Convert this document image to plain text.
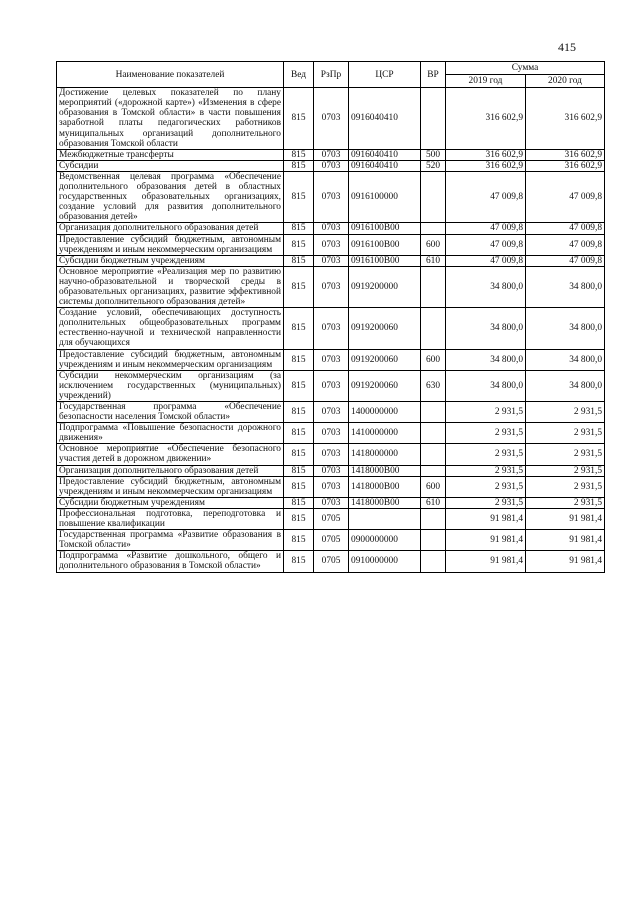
415
Наименование показателей	Вед	РзПр	ЦСР	ВР	Сумма	
					2019 год	2020 год
Достижение целевых показателей по плану мероприятий («дорожной карте») «Изменения в сфере образования в Томской области» в части повышения заработной платы педагогических работников муниципальных организаций дополнительного образования Томской области	815	0703	0916040410		316 602,9	316 602,9
Межбюджетные трансферты	815	0703	0916040410	500	316 602,9	316 602,9
Субсидии	815	0703	0916040410	520	316 602,9	316 602,9
Ведомственная целевая программа «Обеспечение дополнительного образования детей в областных государственных образовательных организациях, создание условий для развития дополнительного образования детей»	815	0703	0916100000		47 009,8	47 009,8
Организация дополнительного образования детей	815	0703	0916100В00		47 009,8	47 009,8
Предоставление субсидий бюджетным, автономным учреждениям и иным некоммерческим организациям	815	0703	0916100В00	600	47 009,8	47 009,8
Субсидии бюджетным учреждениям	815	0703	0916100В00	610	47 009,8	47 009,8
Основное мероприятие «Реализация мер по развитию научно-образовательной и творческой среды в образовательных организациях, развитие эффективной системы дополнительного образования детей»	815	0703	0919200000		34 800,0	34 800,0
Создание условий, обеспечивающих доступность дополнительных общеобразовательных программ естественно-научной и технической направленности для обучающихся	815	0703	0919200060		34 800,0	34 800,0
Предоставление субсидий бюджетным, автономным учреждениям и иным некоммерческим организациям	815	0703	0919200060	600	34 800,0	34 800,0
Субсидии некоммерческим организациям (за исключением государственных (муниципальных) учреждений)	815	0703	0919200060	630	34 800,0	34 800,0
Государственная программа «Обеспечение безопасности населения Томской области»	815	0703	1400000000		2 931,5	2 931,5
Подпрограмма «Повышение безопасности дорожного движения»	815	0703	1410000000		2 931,5	2 931,5
Основное мероприятие «Обеспечение безопасного участия детей в дорожном движении»	815	0703	1418000000		2 931,5	2 931,5
Организация дополнительного образования детей	815	0703	1418000В00		2 931,5	2 931,5
Предоставление субсидий бюджетным, автономным учреждениям и иным некоммерческим организациям	815	0703	1418000В00	600	2 931,5	2 931,5
Субсидии бюджетным учреждениям	815	0703	1418000В00	610	2 931,5	2 931,5
Профессиональная подготовка, переподготовка и повышение квалификации	815	0705			91 981,4	91 981,4
Государственная программа «Развитие образования в Томской области»	815	0705	0900000000		91 981,4	91 981,4
Подпрограмма «Развитие дошкольного, общего и дополнительного образования в Томской области»	815	0705	0910000000		91 981,4	91 981,4
